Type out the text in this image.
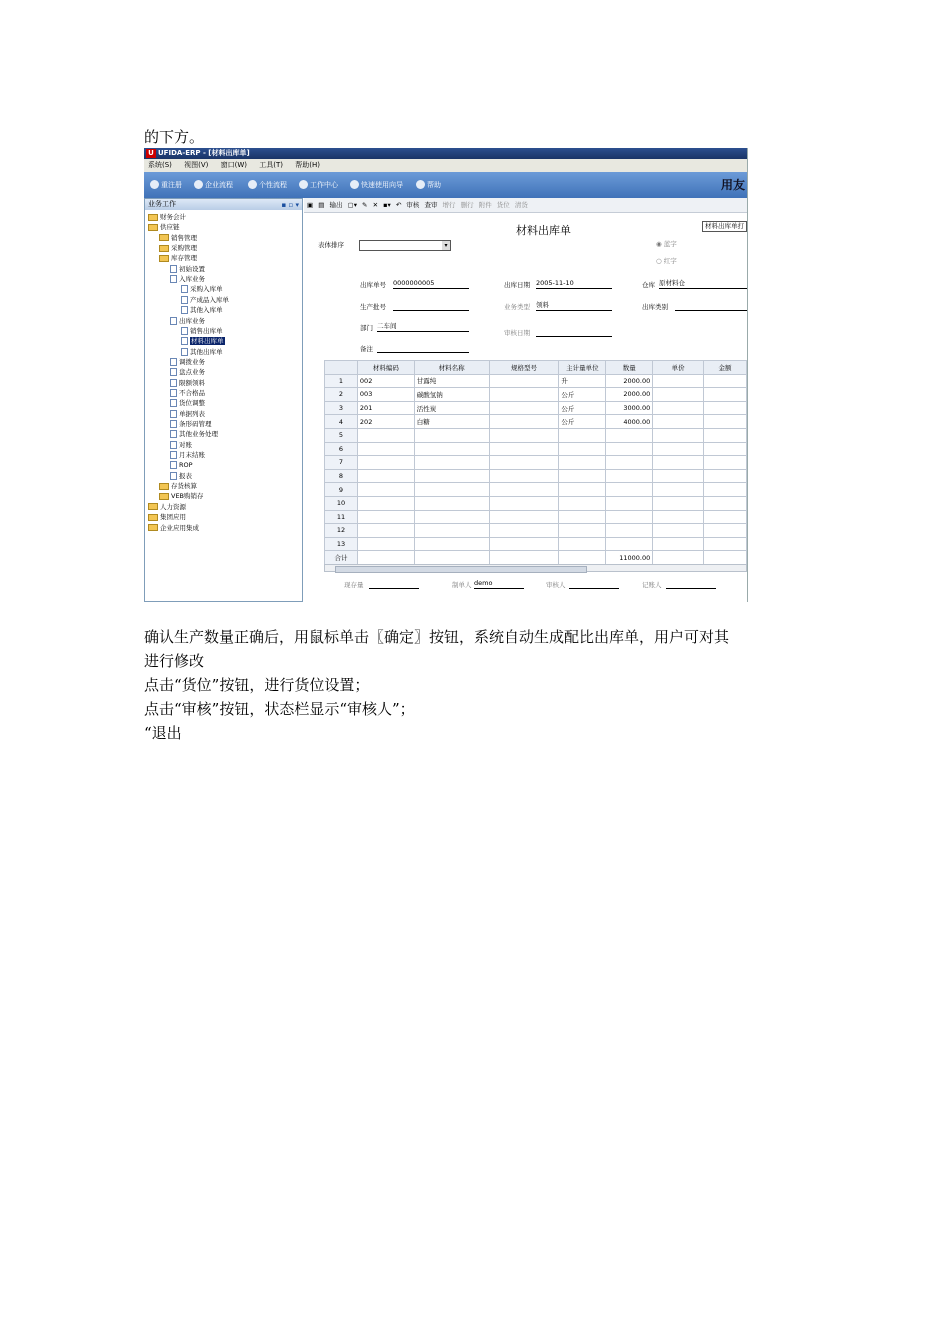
的下方。
U UFIDA-ERP - [材料出库单]
系统(S) 视图(V) 窗口(W) 工具(T) 帮助(H)
重注册	企业流程	个性流程	工作中心	快速使用向导	帮助	用友
业务工作	▪ ▫ ▾
财务会计
供应链
销售管理
采购管理
库存管理
初始设置
入库业务
采购入库单
产成品入库单
其他入库单
出库业务
销售出库单
材料出库单
其他出库单
调拨业务
盘点业务
限额领料
不合格品
货位调整
单据列表
条形码管理
其他业务处理
对账
月末结账
ROP
报表
存货核算
VEB购销存
人力资源
集团应用
企业应用集成
▣ ▤ 输出 ▢▾ ✎ ✕ ▪▾ ↶ 审核 查审 增行 删行 附件 货位 清货
材料出库单	材料出库单打
表体排序	▾	◉ 蓝字
○ 红字
出库单号 0000000005	出库日期 2005-11-10	仓库 原材料仓
生产批号	业务类型 领料	出库类别
部门 二车间
审核日期
备注
	材料编码	材料名称	规格型号	主计量单位	数量	单价	金额
1	002	甘露纯		升	2000.00		
2	003	碳酸氢钠		公斤	2000.00		
3	201	活性炭		公斤	3000.00		
4	202	白糖		公斤	4000.00		
5							
6							
7							
8							
9							
10							
11							
12							
13							
合计					11000.00		
现存量	制单人 demo	审核人	记账人
确认生产数量正确后，用鼠标单击〖确定〗按钮，系统自动生成配比出库单，用户可对其
进行修改
点击“货位”按钮，进行货位设置；
点击“审核”按钮，状态栏显示“审核人”；
“退出
